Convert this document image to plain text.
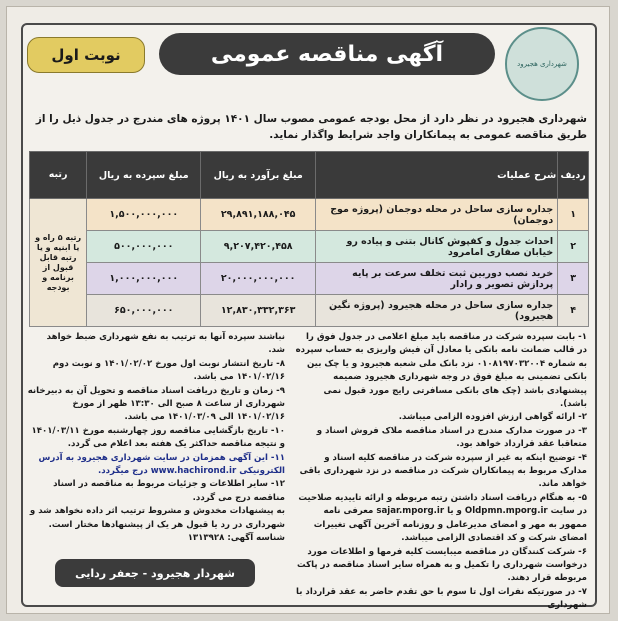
شهرداری هجیرود
آگهی مناقصه عمومی
نوبت اول
شهرداری هجیرود در نظر دارد از محل بودجه عمومی مصوب سال ۱۴۰۱ پروژه های مندرج در جدول ذیل را از طریق مناقصه عمومی به پیمانکاران واجد شرایط واگذار نماید.
ردیف	شرح عملیات	مبلغ برآورد به ریال	مبلغ سپرده به ریال	رتبه
۱	جداره سازی ساحل در محله دوجمان (پروژه موج دوجمان)	۲۹,۸۹۱,۱۸۸,۰۴۵	۱,۵۰۰,۰۰۰,۰۰۰	رتبه ۵ راه و یا ابنیه و یا رتبه قابل قبول از برنامه و بودجه
۲	احداث جدول و کفپوش کانال بتنی و پیاده رو خیابان صفاری امامرود	۹,۲۰۷,۴۲۰,۴۵۸	۵۰۰,۰۰۰,۰۰۰	
۳	خرید نصب دوربین ثبت تخلف سرعت بر پایه پردازش تصویر و رادار	۲۰,۰۰۰,۰۰۰,۰۰۰	۱,۰۰۰,۰۰۰,۰۰۰	
۴	جداره سازی ساحل در محله هجیرود (پروژه نگین هجیرود)	۱۲,۸۳۰,۳۳۲,۳۶۳	۶۵۰,۰۰۰,۰۰۰	

۱- بابت سپرده شرکت در مناقصه باید مبلغ اعلامی در جدول فوق را در قالب ضمانت نامه بانکی یا معادل آن فیش واریزی به حساب سپرده به شماره ۰۱۰۸۱۹۷۰۳۲۰۰۴ نزد بانک ملی شعبه هجیرود و یا چک بین بانکی تضمینی به مبلغ فوق در وجه شهرداری هجیرود ضمیمه پیشنهادی باشد (چک های بانکی مسافرتی رایج مورد قبول نمی باشد).

۲- ارائه گواهی ارزش افزوده الزامی میباشد.

۳- در صورت مدارک مندرج در اسناد مناقصه ملاک فروش اسناد و متعاقبا عقد قرارداد خواهد بود.

۴- توضیح اینکه به غیر از سپرده شرکت در مناقصه کلیه اسناد و مدارک مربوط به پیمانکاران شرکت در مناقصه در نزد شهرداری باقی خواهد ماند.

۵- به هنگام دریافت اسناد داشتن رتبه مربوطه و ارائه تاییدیه صلاحیت در سایت Oldpmn.mporg.ir و یا sajar.mporg.ir معرفی نامه ممهور به مهر و امضای مدیرعامل و روزنامه آخرین آگهی تغییرات امضای شرکت و کد اقتصادی الزامی میباشد.

۶- شرکت کنندگان در مناقصه میبایست کلیه فرمها و اطلاعات مورد درخواست شهرداری را تکمیل و به همراه سایر اسناد مناقصه در پاکت مربوطه قرار دهند.

۷- در صورتیکه نفرات اول تا سوم با حق تقدم حاضر به عقد قرارداد با شهرداری

نباشند سپرده آنها به ترتیب به نفع شهرداری ضبط خواهد شد.

۸- تاریخ انتشار نوبت اول مورخ ۱۴۰۱/۰۲/۰۲ و نوبت دوم ۱۴۰۱/۰۲/۱۶ می باشد.

۹- زمان و تاریخ دریافت اسناد مناقصه و تحویل آن به دبیرخانه شهرداری از ساعت ۸ صبح الی ۱۳:۳۰ ظهر از مورخ ۱۴۰۱/۰۲/۱۶ الی ۱۴۰۱/۰۳/۰۹ می باشد.

۱۰- تاریخ بازگشایی مناقصه روز چهارشنبه مورخ ۱۴۰۱/۰۳/۱۱ و نتیجه مناقصه حداکثر یک هفته بعد اعلام می گردد.

۱۱- این آگهی همزمان در سایت شهرداری هجیرود به آدرس الکترونیکی www.hachirond.ir درج میگردد.

۱۲- سایر اطلاعات و جزئیات مربوط به مناقصه در اسناد مناقصه درج می گردد.

به پیشنهادات مخدوش و مشروط ترتیب اثر داده نخواهد شد و شهرداری در رد یا قبول هر یک از پیشنهادها مختار است.

شناسه آگهی: ۱۳۱۳۹۲۸

شهردار هجیرود - جعفر ردایی
